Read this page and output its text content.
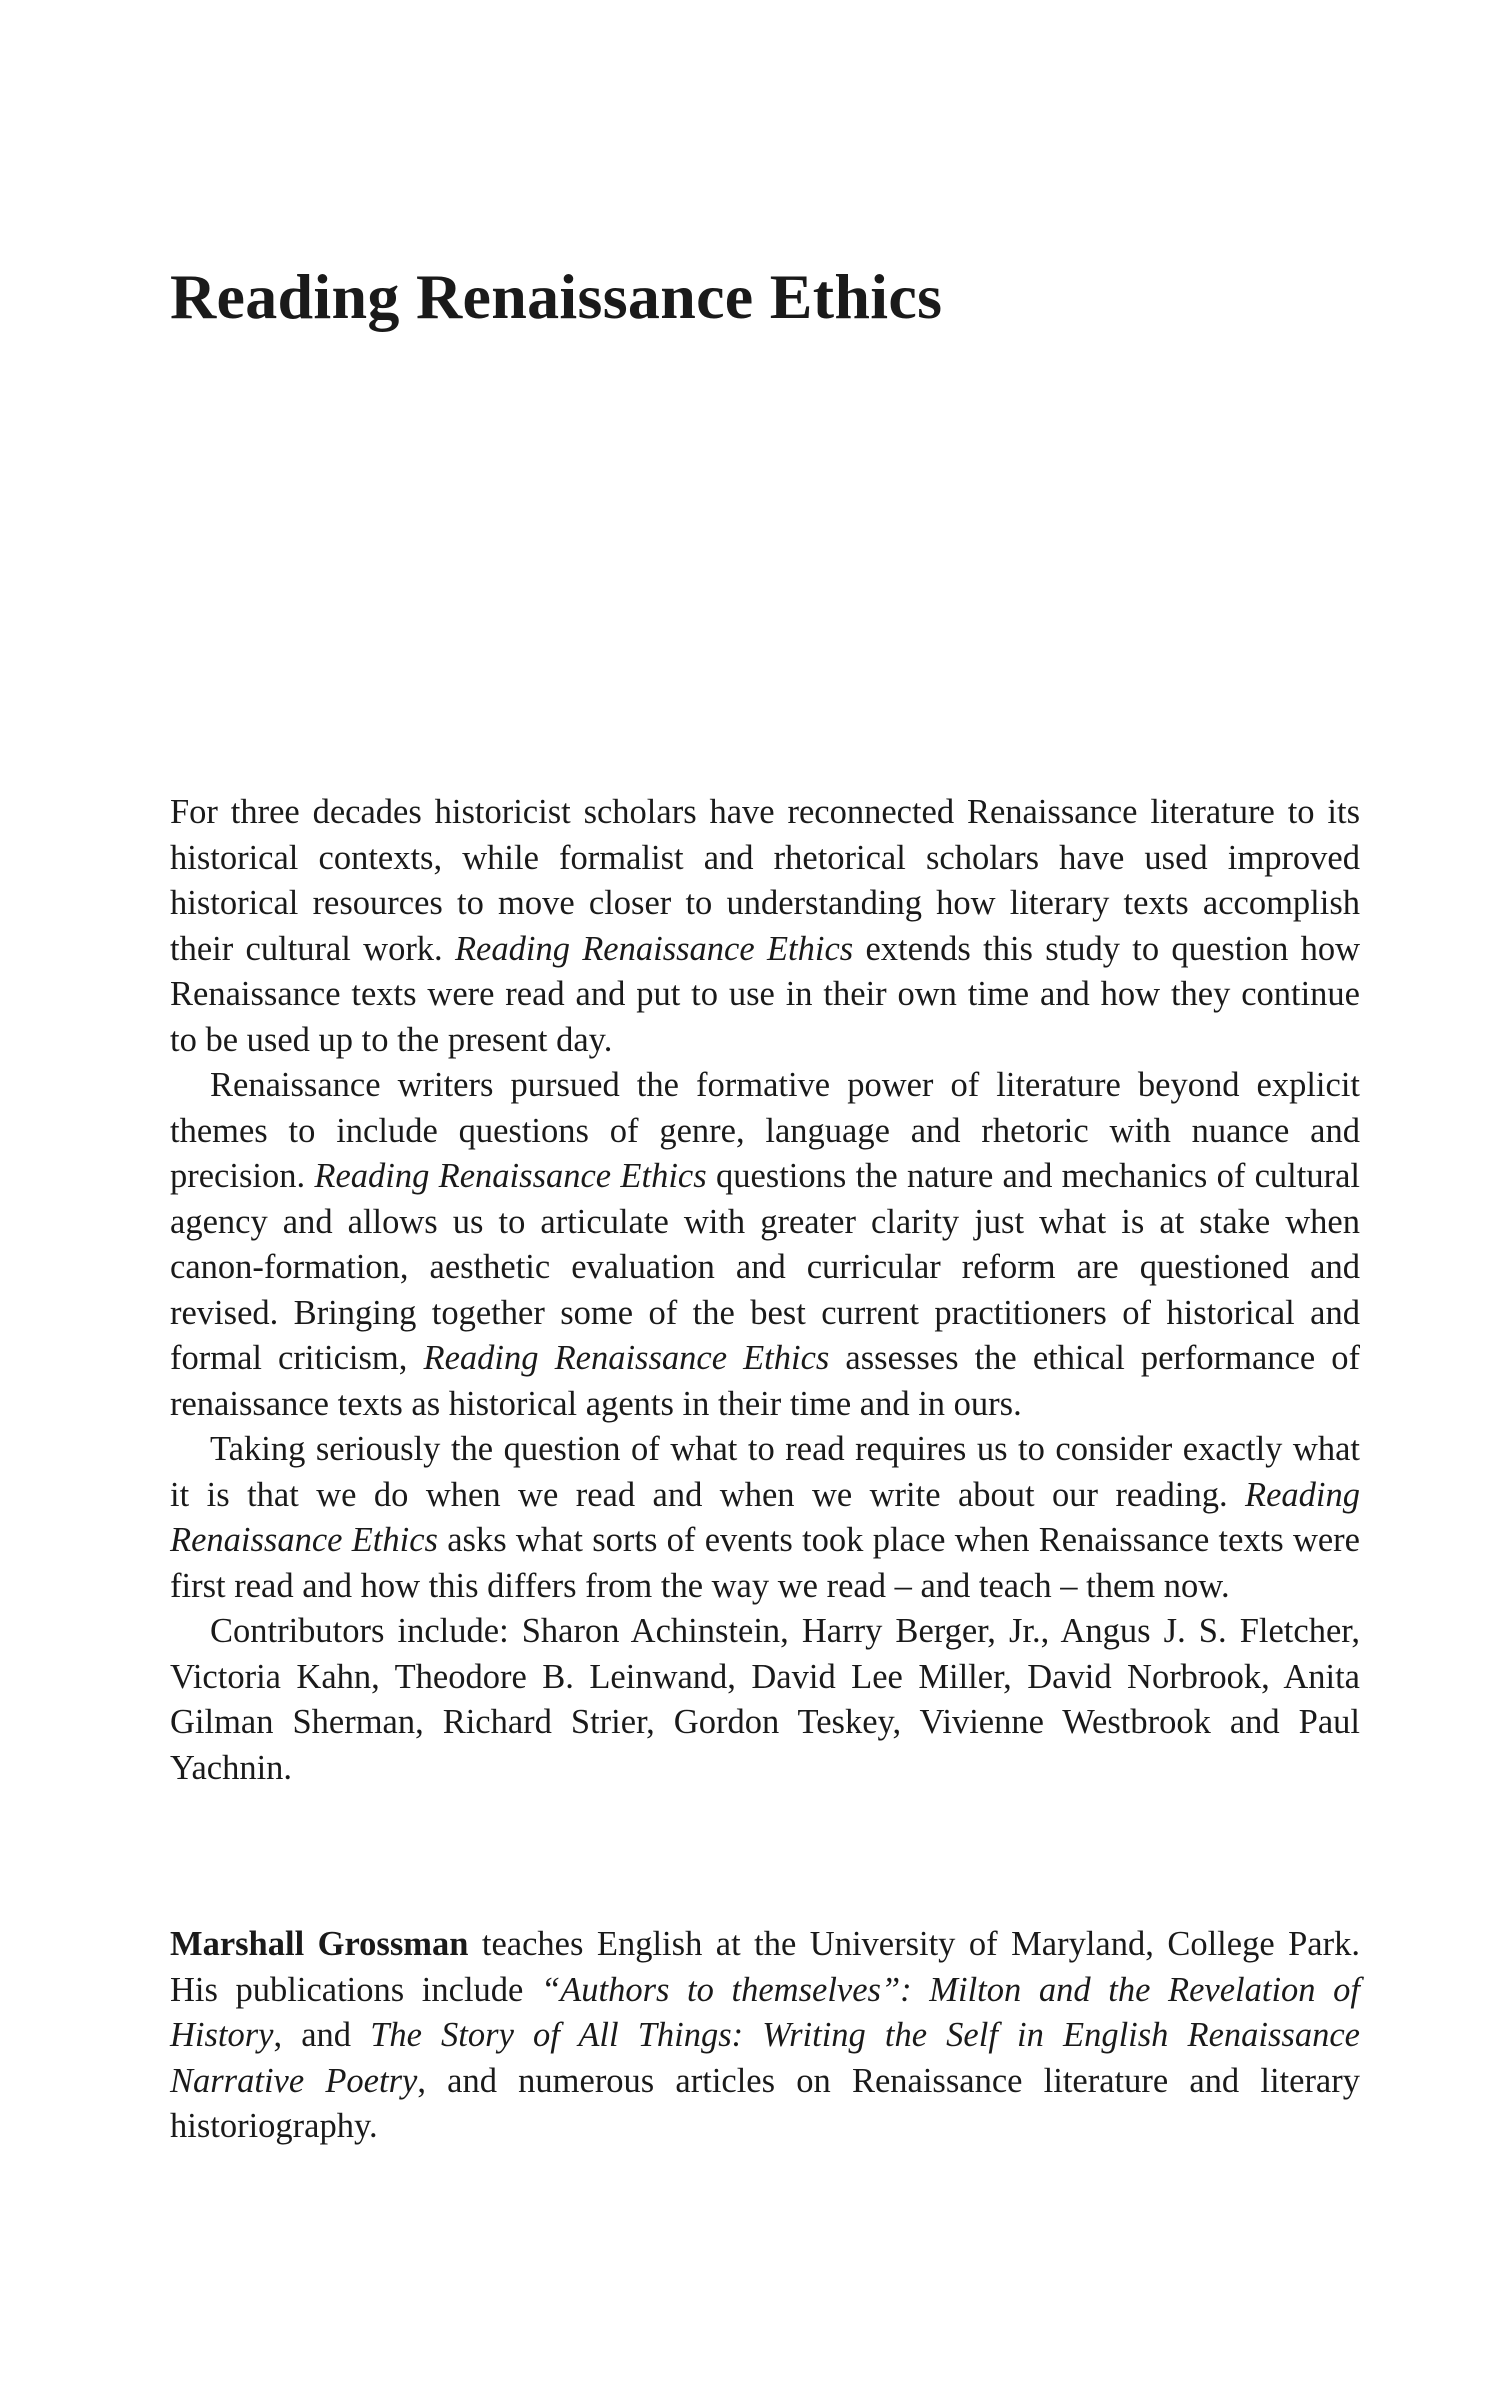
Reading Renaissance Ethics

For three decades historicist scholars have reconnected Renaissance literature to its historical contexts, while formalist and rhetorical scholars have used improved historical resources to move closer to understanding how literary texts accomplish their cultural work. Reading Renaissance Ethics extends this study to question how Renaissance texts were read and put to use in their own time and how they continue to be used up to the present day.

Renaissance writers pursued the formative power of literature beyond explicit themes to include questions of genre, language and rhetoric with nuance and precision. Reading Renaissance Ethics questions the nature and mechanics of cultural agency and allows us to articulate with greater clarity just what is at stake when canon-formation, aesthetic evaluation and curricular reform are questioned and revised. Bringing together some of the best current practitioners of historical and formal criticism, Reading Renaissance Ethics assesses the ethical performance of renaissance texts as historical agents in their time and in ours.

Taking seriously the question of what to read requires us to consider exactly what it is that we do when we read and when we write about our reading. Reading Renaissance Ethics asks what sorts of events took place when Renaissance texts were first read and how this differs from the way we read – and teach – them now.

Contributors include: Sharon Achinstein, Harry Berger, Jr., Angus J. S. Fletcher, Victoria Kahn, Theodore B. Leinwand, David Lee Miller, David Norbrook, Anita Gilman Sherman, Richard Strier, Gordon Teskey, Vivienne Westbrook and Paul Yachnin.

Marshall Grossman teaches English at the University of Maryland, College Park. His publications include “Authors to themselves”: Milton and the Revelation of History, and The Story of All Things: Writing the Self in English Renaissance Narrative Poetry, and numerous articles on Renaissance literature and literary historiography.
